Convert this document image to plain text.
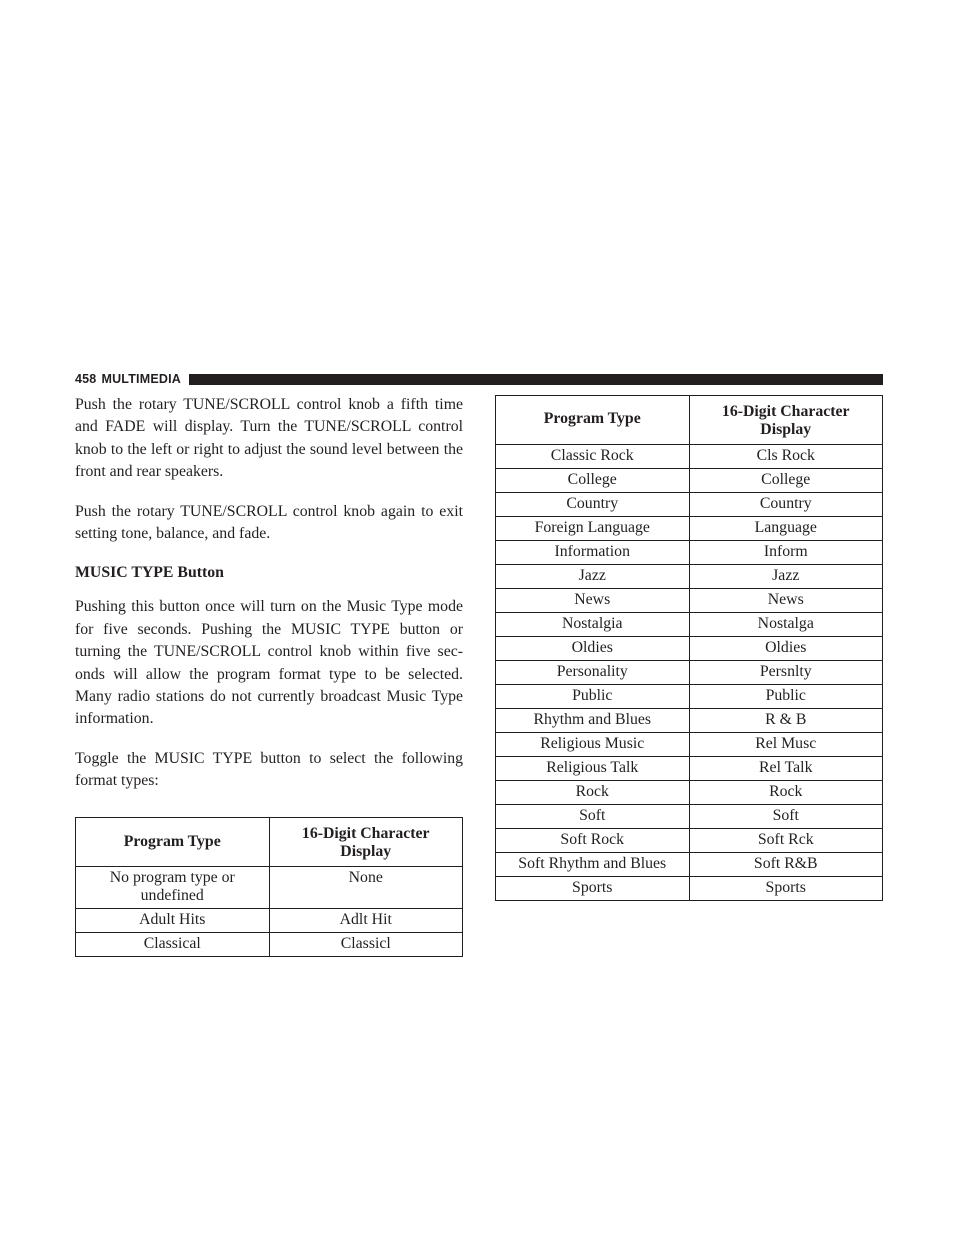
458 MULTIMEDIA

Push the rotary TUNE/SCROLL control knob a fifth time and FADE will display. Turn the TUNE/SCROLL control knob to the left or right to adjust the sound level between the front and rear speakers.

Push the rotary TUNE/SCROLL control knob again to exit setting tone, balance, and fade.

MUSIC TYPE Button

Pushing this button once will turn on the Music Type mode for five seconds. Pushing the MUSIC TYPE button or turning the TUNE/SCROLL control knob within five seconds will allow the program format type to be selected. Many radio stations do not currently broadcast Music Type information.

Toggle the MUSIC TYPE button to select the following format types:

Program Type	16-Digit Character Display
No program type or undefined	None
Adult Hits	Adlt Hit
Classical	Classicl
Program Type	16-Digit Character Display
Classic Rock	Cls Rock
College	College
Country	Country
Foreign Language	Language
Information	Inform
Jazz	Jazz
News	News
Nostalgia	Nostalga
Oldies	Oldies
Personality	Persnlty
Public	Public
Rhythm and Blues	R & B
Religious Music	Rel Musc
Religious Talk	Rel Talk
Rock	Rock
Soft	Soft
Soft Rock	Soft Rck
Soft Rhythm and Blues	Soft R&B
Sports	Sports
